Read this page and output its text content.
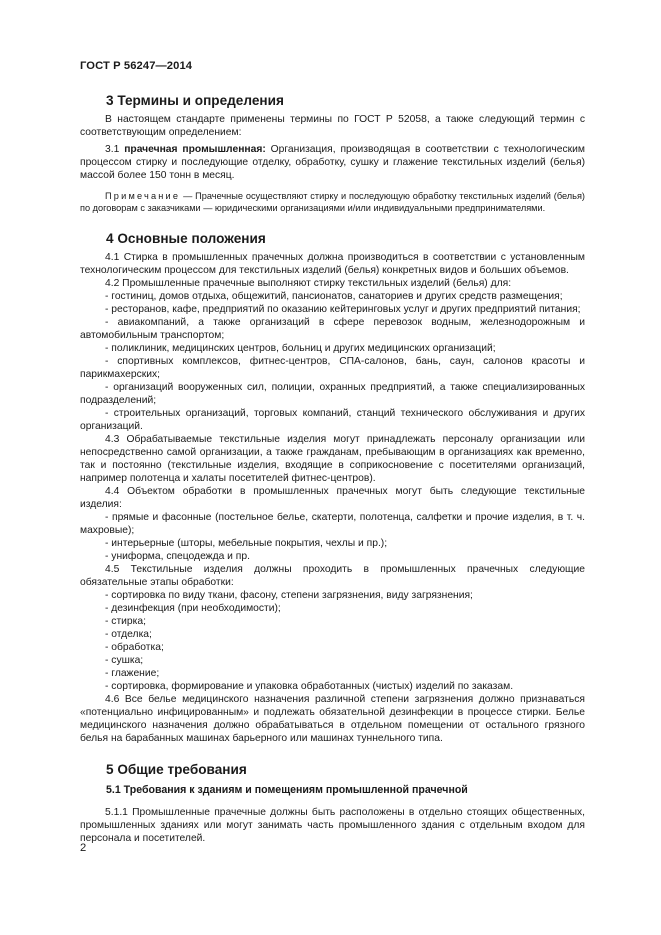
ГОСТ Р 56247—2014
3 Термины и определения

В настоящем стандарте применены термины по ГОСТ Р 52058, а также следующий термин с соответствующим определением:

3.1 прачечная промышленная: Организация, производящая в соответствии с технологическим процессом стирку и последующие отделку, обработку, сушку и глажение текстильных изделий (белья) массой более 150 тонн в месяц.

Примечание — Прачечные осуществляют стирку и последующую обработку текстильных изделий (белья) по договорам с заказчиками — юридическими организациями и/или индивидуальными предпринимателями.

4 Основные положения

4.1 Стирка в промышленных прачечных должна производиться в соответствии с установленным технологическим процессом для текстильных изделий (белья) конкретных видов и больших объемов.

4.2 Промышленные прачечные выполняют стирку текстильных изделий (белья) для:

- гостиниц, домов отдыха, общежитий, пансионатов, санаториев и других средств размещения;

- ресторанов, кафе, предприятий по оказанию кейтеринговых услуг и других предприятий питания;

- авиакомпаний, а также организаций в сфере перевозок водным, железнодорожным и автомобильным транспортом;

- поликлиник, медицинских центров, больниц и других медицинских организаций;

- спортивных комплексов, фитнес-центров, СПА-салонов, бань, саун, салонов красоты и парикмахерских;

- организаций вооруженных сил, полиции, охранных предприятий, а также специализированных подразделений;

- строительных организаций, торговых компаний, станций технического обслуживания и других организаций.

4.3 Обрабатываемые текстильные изделия могут принадлежать персоналу организации или непосредственно самой организации, а также гражданам, пребывающим в организациях как временно, так и постоянно (текстильные изделия, входящие в соприкосновение с посетителями организаций, например полотенца и халаты посетителей фитнес-центров).

4.4 Объектом обработки в промышленных прачечных могут быть следующие текстильные изделия:

- прямые и фасонные (постельное белье, скатерти, полотенца, салфетки и прочие изделия, в т. ч. махровые);

- интерьерные (шторы, мебельные покрытия, чехлы и пр.);

- униформа, спецодежда и пр.

4.5 Текстильные изделия должны проходить в промышленных прачечных следующие обязательные этапы обработки:

- сортировка по виду ткани, фасону, степени загрязнения, виду загрязнения;

- дезинфекция (при необходимости);

- стирка;

- отделка;

- обработка;

- сушка;

- глажение;

- сортировка, формирование и упаковка обработанных (чистых) изделий по заказам.

4.6 Все белье медицинского назначения различной степени загрязнения должно признаваться «потенциально инфицированным» и подлежать обязательной дезинфекции в процессе стирки. Белье медицинского назначения должно обрабатываться в отдельном помещении от остального грязного белья на барабанных машинах барьерного или машинах туннельного типа.

5 Общие требования
5.1 Требования к зданиям и помещениям промышленной прачечной

5.1.1 Промышленные прачечные должны быть расположены в отдельно стоящих общественных, промышленных зданиях или могут занимать часть промышленного здания с отдельным входом для персонала и посетителей.

2
